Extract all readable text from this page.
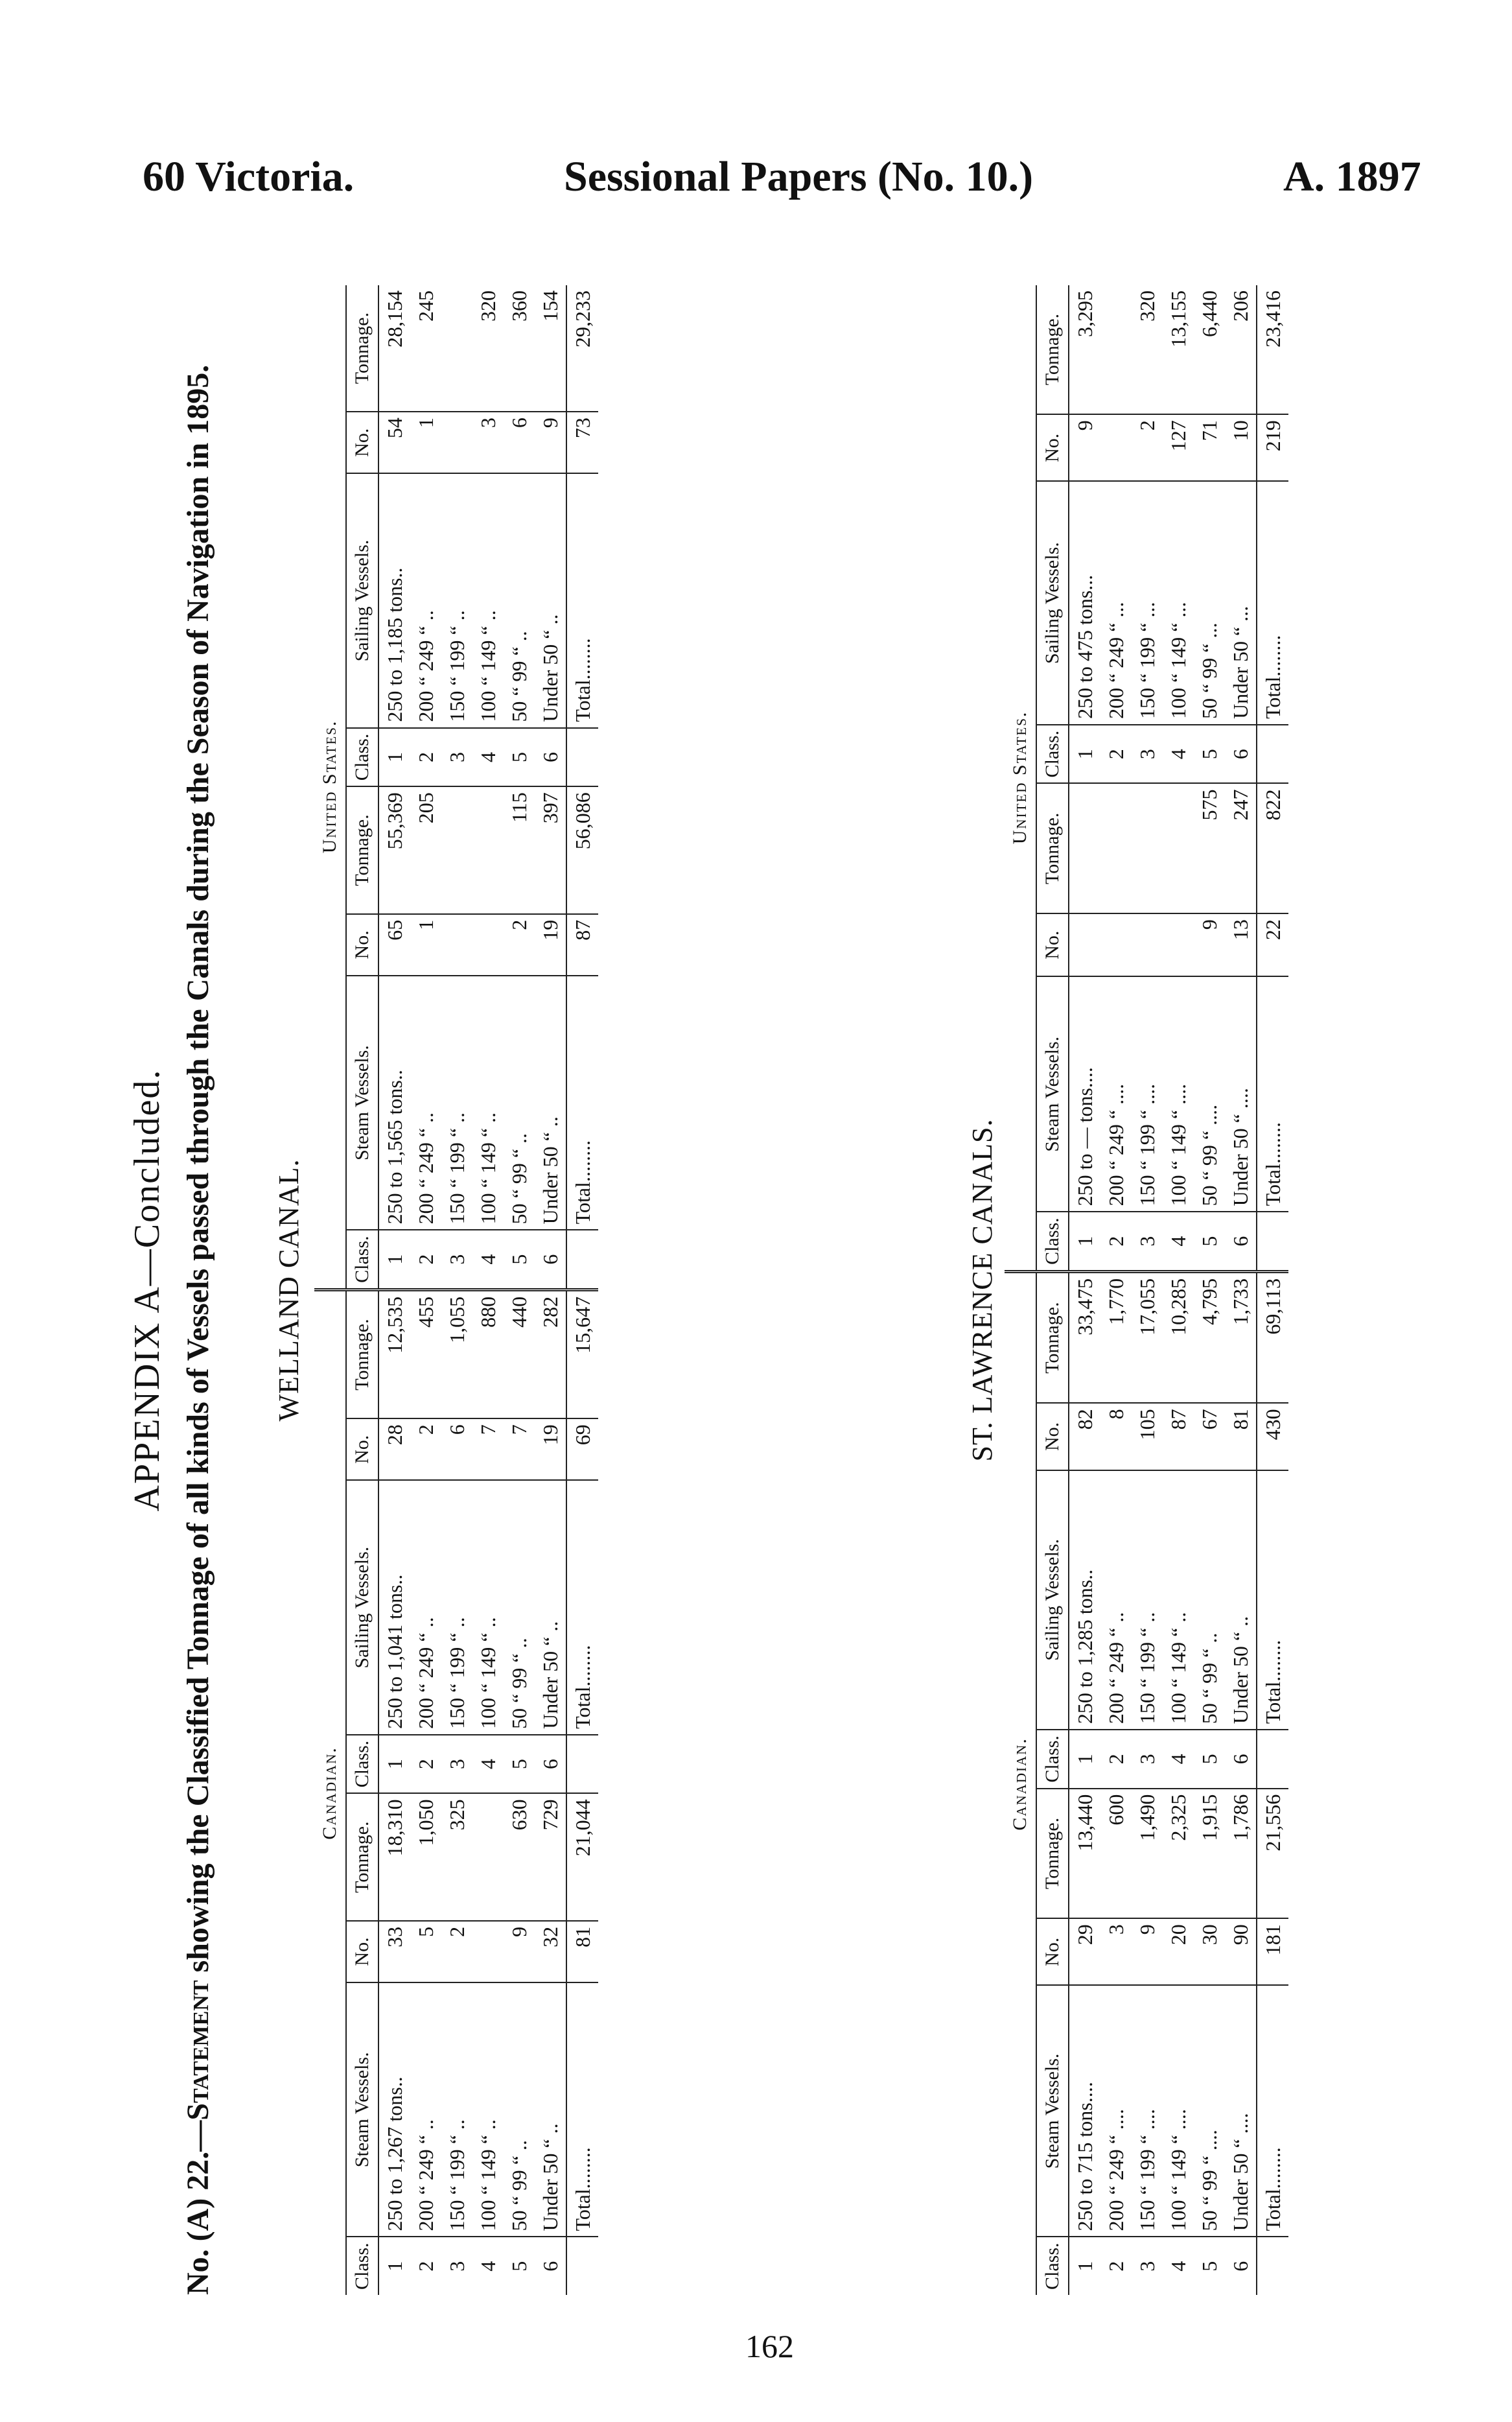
60 Victoria.	Sessional Papers (No. 10.)	A. 1897
APPENDIX A—Concluded.
No. (A) 22.—Statement showing the Classified Tonnage of all kinds of Vessels passed through the Canals during the Season of Navigation in 1895. WELLAND CANAL.
Canadian.								United States.							
Class.	Steam Vessels.	No.	Tonnage.	Class.	Sailing Vessels.	No.	Tonnage.	Class.	Steam Vessels.	No.	Tonnage.	Class.	Sailing Vessels.	No.	Tonnage.
1	250 to 1,267 tons..	33	18,310	1	250 to 1,041 tons..	28	12,535	1	250 to 1,565 tons..	65	55,369	1	250 to 1,185 tons..	54	28,154
2	200 “ 249 “ ..	5	1,050	2	200 “ 249 “ ..	2	455	2	200 “ 249 “ ..	1	205	2	200 “ 249 “ ..	1	245
3	150 “ 199 “ ..	2	325	3	150 “ 199 “ ..	6	1,055	3	150 “ 199 “ ..			3	150 “ 199 “ ..		
4	100 “ 149 “ ..			4	100 “ 149 “ ..	7	880	4	100 “ 149 “ ..			4	100 “ 149 “ ..	3	320
5	50 “ 99 “ ..	9	630	5	50 “ 99 “ ..	7	440	5	50 “ 99 “ ..	2	115	5	50 “ 99 “ ..	6	360
6	Under 50 “ ..	32	729	6	Under 50 “ ..	19	282	6	Under 50 “ ..	19	397	6	Under 50 “ ..	9	154
	Total........	81	21,044		Total........	69	15,647		Total........	87	56,086		Total........	73	29,233
ST. LAWRENCE CANALS.
Canadian.								United States.							
Class.	Steam Vessels.	No.	Tonnage.	Class.	Sailing Vessels.	No.	Tonnage.	Class.	Steam Vessels.	No.	Tonnage.	Class.	Sailing Vessels.	No.	Tonnage.
1	250 to 715 tons....	29	13,440	1	250 to 1,285 tons..	82	33,475	1	250 to — tons....			1	250 to 475 tons...	9	3,295
2	200 “ 249 “ ....	3	600	2	200 “ 249 “ ..	8	1,770	2	200 “ 249 “ ....			2	200 “ 249 “ ...		
3	150 “ 199 “ ....	9	1,490	3	150 “ 199 “ ..	105	17,055	3	150 “ 199 “ ....			3	150 “ 199 “ ...	2	320
4	100 “ 149 “ ....	20	2,325	4	100 “ 149 “ ..	87	10,285	4	100 “ 149 “ ....			4	100 “ 149 “ ...	127	13,155
5	50 “ 99 “ ....	30	1,915	5	50 “ 99 “ ..	67	4,795	5	50 “ 99 “ ....	9	575	5	50 “ 99 “ ...	71	6,440
6	Under 50 “ ....	90	1,786	6	Under 50 “ ..	81	1,733	6	Under 50 “ ....	13	247	6	Under 50 “ ...	10	206
	Total........	181	21,556		Total........	430	69,113		Total........	22	822		Total........	219	23,416
162
